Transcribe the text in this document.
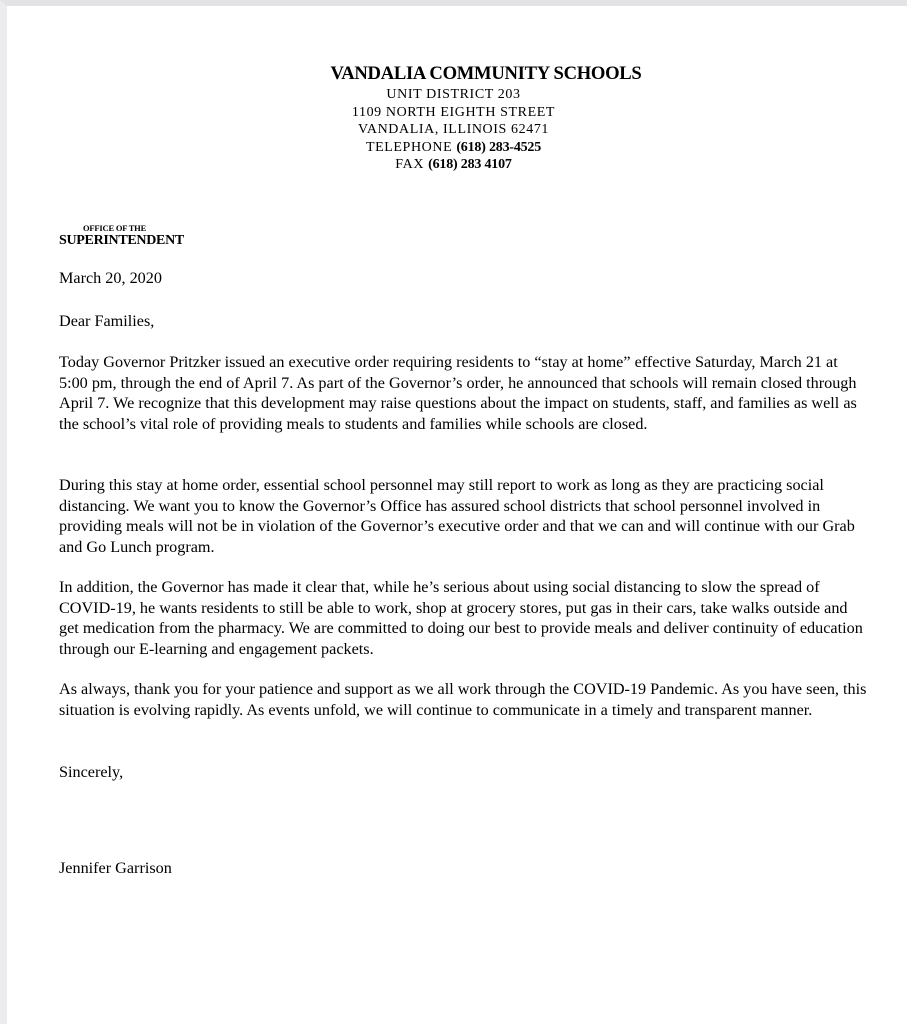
VANDALIA COMMUNITY SCHOOLS
UNIT DISTRICT 203
1109 NORTH EIGHTH STREET
VANDALIA, ILLINOIS 62471
TELEPHONE (618) 283-4525
FAX (618) 283 4107
OFFICE OF THE
SUPERINTENDENT
March 20, 2020
Dear Families,

Today Governor Pritzker issued an executive order requiring residents to “stay at home” effective Saturday, March 21 at 5:00 pm, through the end of April 7. As part of the Governor’s order, he announced that schools will remain closed through April 7. We recognize that this development may raise questions about the impact on students, staff, and families as well as the school’s vital role of providing meals to students and families while schools are closed.

During this stay at home order, essential school personnel may still report to work as long as they are practicing social distancing. We want you to know the Governor’s Office has assured school districts that school personnel involved in providing meals will not be in violation of the Governor’s executive order and that we can and will continue with our Grab and Go Lunch program.

In addition, the Governor has made it clear that, while he’s serious about using social distancing to slow the spread of COVID-19, he wants residents to still be able to work, shop at grocery stores, put gas in their cars, take walks outside and get medication from the pharmacy. We are committed to doing our best to provide meals and deliver continuity of education through our E-learning and engagement packets.

As always, thank you for your patience and support as we all work through the COVID-19 Pandemic. As you have seen, this situation is evolving rapidly. As events unfold, we will continue to communicate in a timely and transparent manner.

Sincerely,
Jennifer Garrison
